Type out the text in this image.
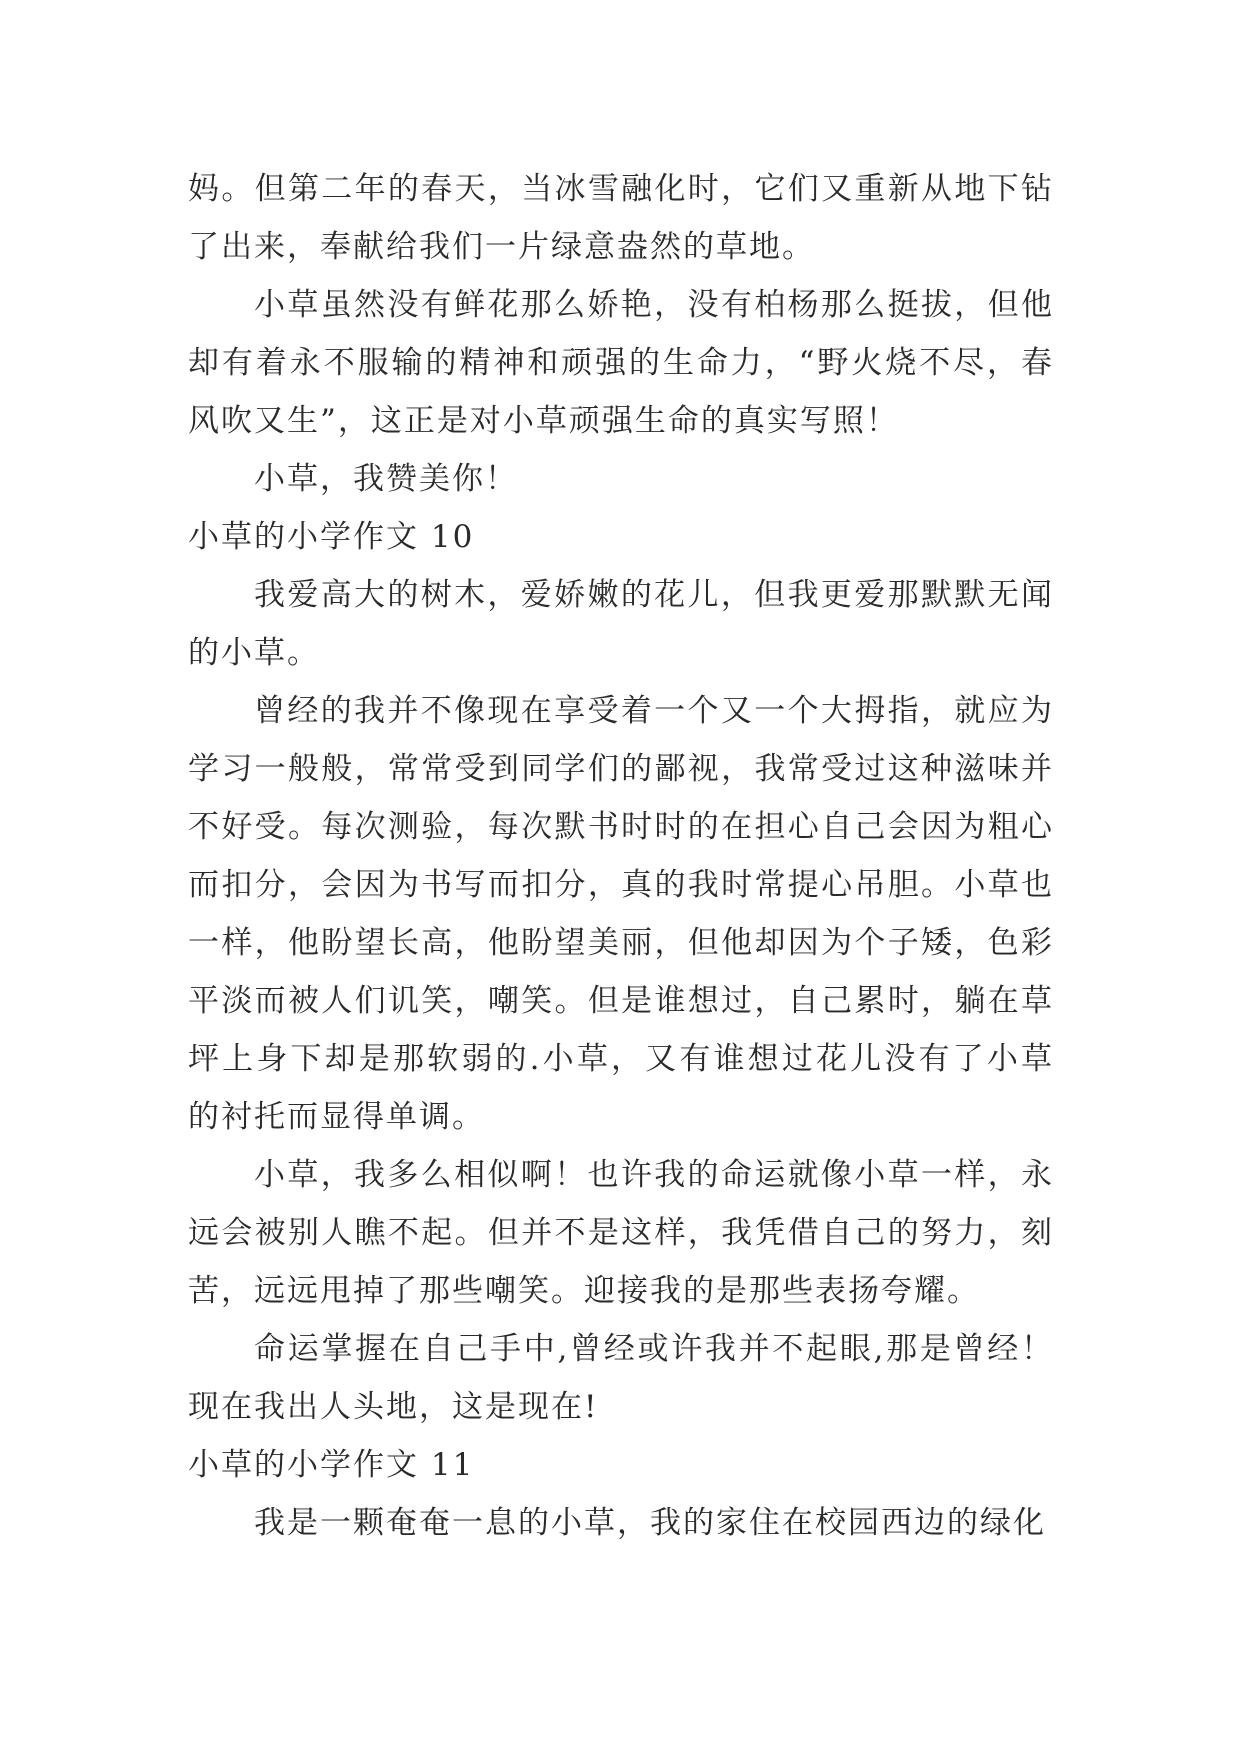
妈。但第二年的春天，当冰雪融化时，它们又重新从地下钻了出来，奉献给我们一片绿意盎然的草地。

小草虽然没有鲜花那么娇艳，没有柏杨那么挺拔，但他却有着永不服输的精神和顽强的生命力，“野火烧不尽，春风吹又生”，这正是对小草顽强生命的真实写照！

小草，我赞美你！

小草的小学作文 10

我爱高大的树木，爱娇嫩的花儿，但我更爱那默默无闻的小草。

曾经的我并不像现在享受着一个又一个大拇指，就应为学习一般般，常常受到同学们的鄙视，我常受过这种滋味并不好受。每次测验，每次默书时时的在担心自己会因为粗心而扣分，会因为书写而扣分，真的我时常提心吊胆。小草也一样，他盼望长高，他盼望美丽，但他却因为个子矮，色彩平淡而被人们讥笑，嘲笑。但是谁想过，自己累时，躺在草坪上身下却是那软弱的.小草，又有谁想过花儿没有了小草的衬托而显得单调。

小草，我多么相似啊！也许我的命运就像小草一样，永远会被别人瞧不起。但并不是这样，我凭借自己的努力，刻苦，远远甩掉了那些嘲笑。迎接我的是那些表扬夸耀。

命运掌握在自己手中,曾经或许我并不起眼,那是曾经！现在我出人头地，这是现在!

小草的小学作文 11

我是一颗奄奄一息的小草，我的家住在校园西边的绿化
